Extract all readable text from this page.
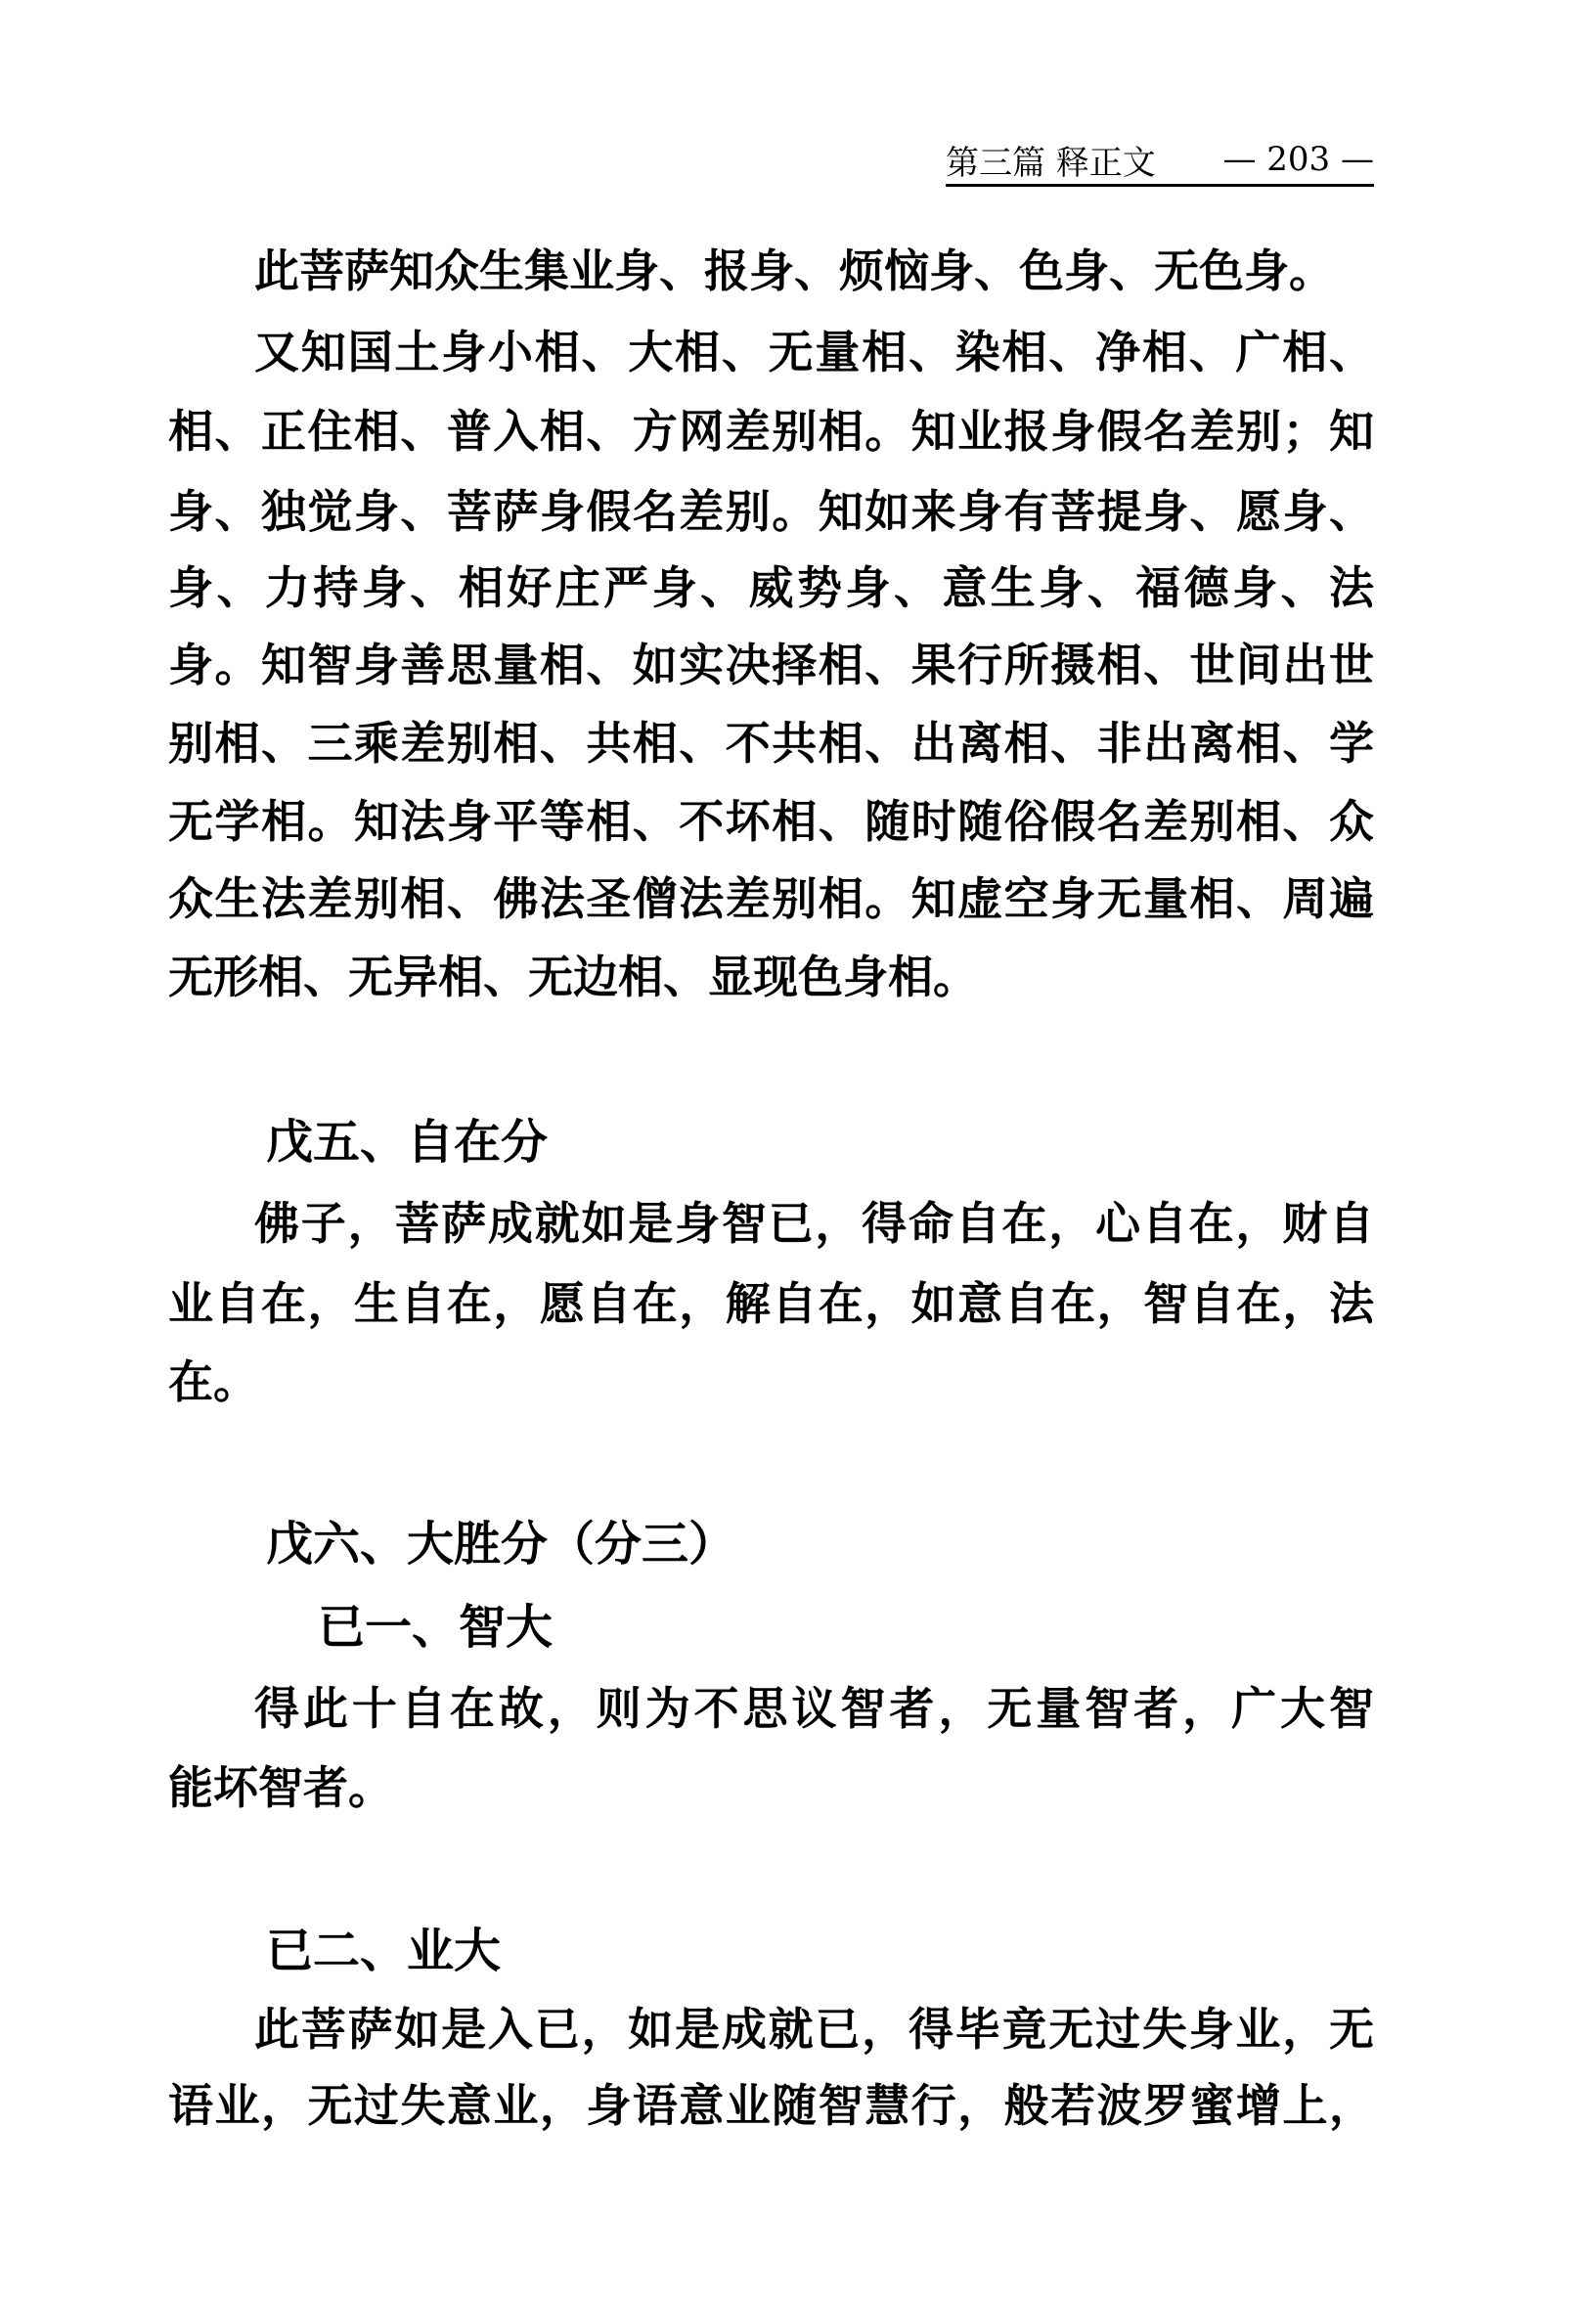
第三篇 释正文 — 203 —
此菩萨知众生集业身、报身、烦恼身、色身、无色身。
又知国土身小相、大相、无量相、染相、净相、广相、
相、正住相、普入相、方网差别相。知业报身假名差别；知
身、独觉身、菩萨身假名差别。知如来身有菩提身、愿身、
身、力持身、相好庄严身、威势身、意生身、福德身、法
身。知智身善思量相、如实决择相、果行所摄相、世间出世
别相、三乘差别相、共相、不共相、出离相、非出离相、学
无学相。知法身平等相、不坏相、随时随俗假名差别相、众
众生法差别相、佛法圣僧法差别相。知虚空身无量相、周遍
无形相、无异相、无边相、显现色身相。
戊五、自在分
佛子，菩萨成就如是身智已，得命自在，心自在，财自
业自在，生自在，愿自在，解自在，如意自在，智自在，法
在。
戊六、大胜分（分三）
已一、智大
得此十自在故，则为不思议智者，无量智者，广大智
能坏智者。
已二、业大
此菩萨如是入已，如是成就已，得毕竟无过失身业，无
语业，无过失意业，身语意业随智慧行，般若波罗蜜增上，
